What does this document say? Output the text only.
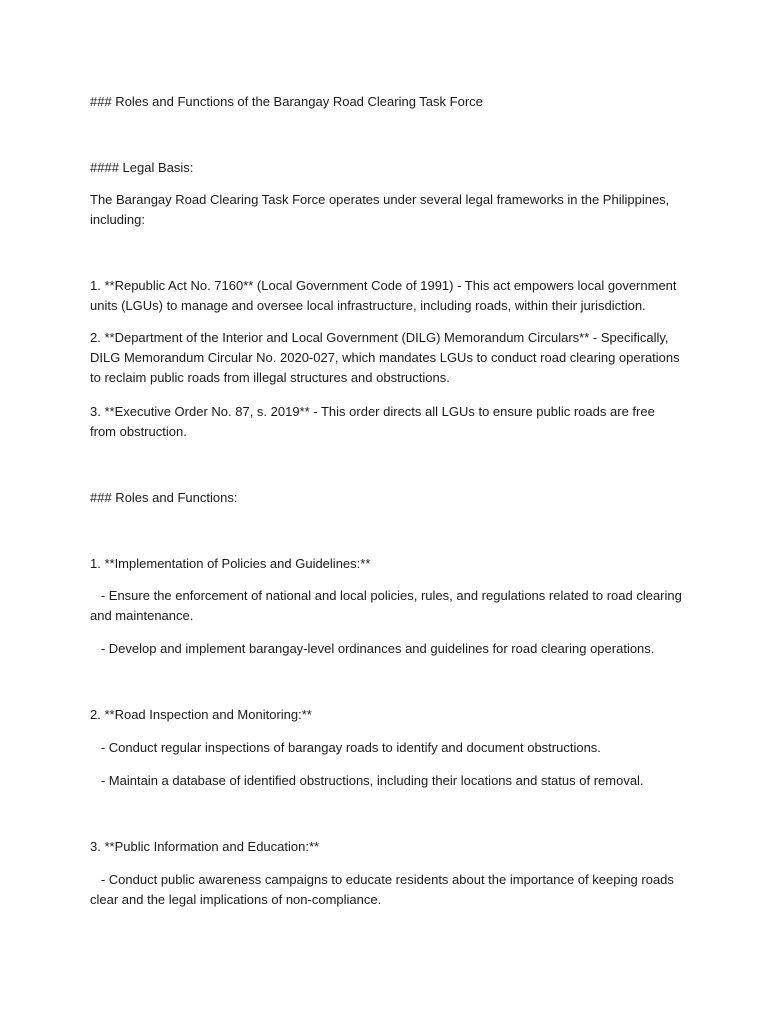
### Roles and Functions of the Barangay Road Clearing Task Force

#### Legal Basis:

The Barangay Road Clearing Task Force operates under several legal frameworks in the Philippines, including:

1. **Republic Act No. 7160** (Local Government Code of 1991) - This act empowers local government units (LGUs) to manage and oversee local infrastructure, including roads, within their jurisdiction.

2. **Department of the Interior and Local Government (DILG) Memorandum Circulars** - Specifically, DILG Memorandum Circular No. 2020-027, which mandates LGUs to conduct road clearing operations to reclaim public roads from illegal structures and obstructions.

3. **Executive Order No. 87, s. 2019** - This order directs all LGUs to ensure public roads are free from obstruction.

### Roles and Functions:

1. **Implementation of Policies and Guidelines:**

- Ensure the enforcement of national and local policies, rules, and regulations related to road clearing and maintenance.

- Develop and implement barangay-level ordinances and guidelines for road clearing operations.

2. **Road Inspection and Monitoring:**

- Conduct regular inspections of barangay roads to identify and document obstructions.

- Maintain a database of identified obstructions, including their locations and status of removal.

3. **Public Information and Education:**

- Conduct public awareness campaigns to educate residents about the importance of keeping roads clear and the legal implications of non-compliance.
